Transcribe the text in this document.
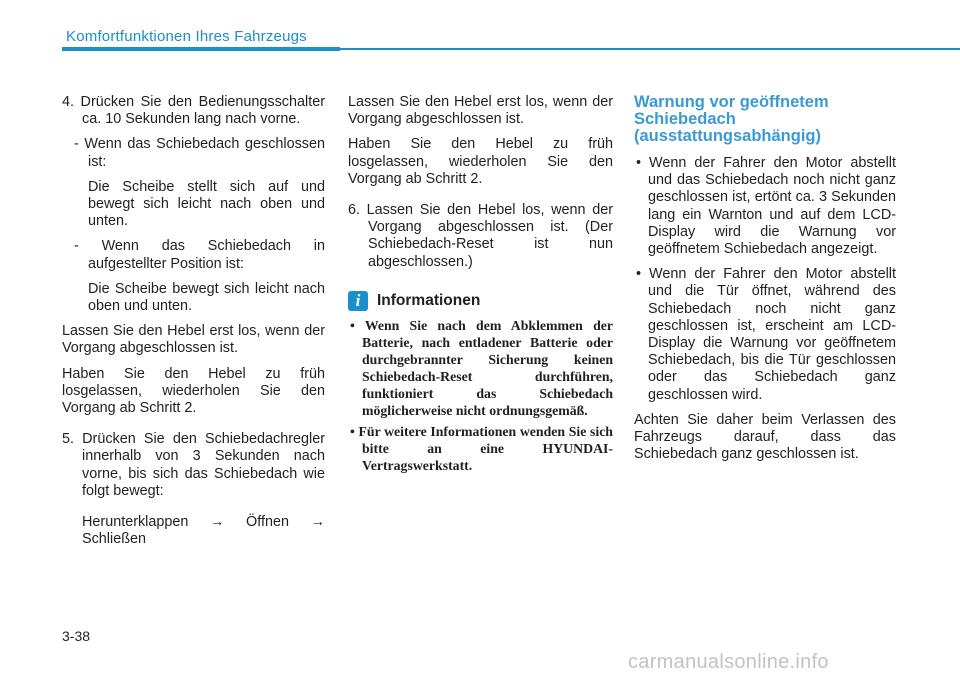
Komfortfunktionen Ihres Fahrzeugs

4. Drücken Sie den Bedienungsschalter ca. 10 Sekunden lang nach vorne.

- Wenn das Schiebedach geschlossen ist:

Die Scheibe stellt sich auf und bewegt sich leicht nach oben und unten.

- Wenn das Schiebedach in aufgestellter Position ist:

Die Scheibe bewegt sich leicht nach oben und unten.

Lassen Sie den Hebel erst los, wenn der Vorgang abgeschlossen ist.

Haben Sie den Hebel zu früh losgelassen, wiederholen Sie den Vorgang ab Schritt 2.

5. Drücken Sie den Schiebedachregler innerhalb von 3 Sekunden nach vorne, bis sich das Schiebedach wie folgt bewegt:

Herunterklappen → Öffnen → Schließen

Lassen Sie den Hebel erst los, wenn der Vorgang abgeschlossen ist.

Haben Sie den Hebel zu früh losgelassen, wiederholen Sie den Vorgang ab Schritt 2.

6. Lassen Sie den Hebel los, wenn der Vorgang abgeschlossen ist. (Der Schiebedach-Reset ist nun abgeschlossen.)

i	Informationen

• Wenn Sie nach dem Abklemmen der Batterie, nach entladener Batterie oder durchgebrannter Sicherung keinen Schiebedach-Reset durchführen, funktioniert das Schiebedach möglicherweise nicht ordnungsgemäß.

• Für weitere Informationen wenden Sie sich bitte an eine HYUNDAI-Vertragswerkstatt.

Warnung vor geöffnetem Schiebedach (ausstattungsabhängig)

• Wenn der Fahrer den Motor abstellt und das Schiebedach noch nicht ganz geschlossen ist, ertönt ca. 3 Sekunden lang ein Warnton und auf dem LCD-Display wird die Warnung vor geöffnetem Schiebedach angezeigt.

• Wenn der Fahrer den Motor abstellt und die Tür öffnet, während des Schiebedach noch nicht ganz geschlossen ist, erscheint am LCD-Display die Warnung vor geöffnetem Schiebedach, bis die Tür geschlossen oder das Schiebedach ganz geschlossen wird.

Achten Sie daher beim Verlassen des Fahrzeugs darauf, dass das Schiebedach ganz geschlossen ist.

3-38
carmanualsonline.info
